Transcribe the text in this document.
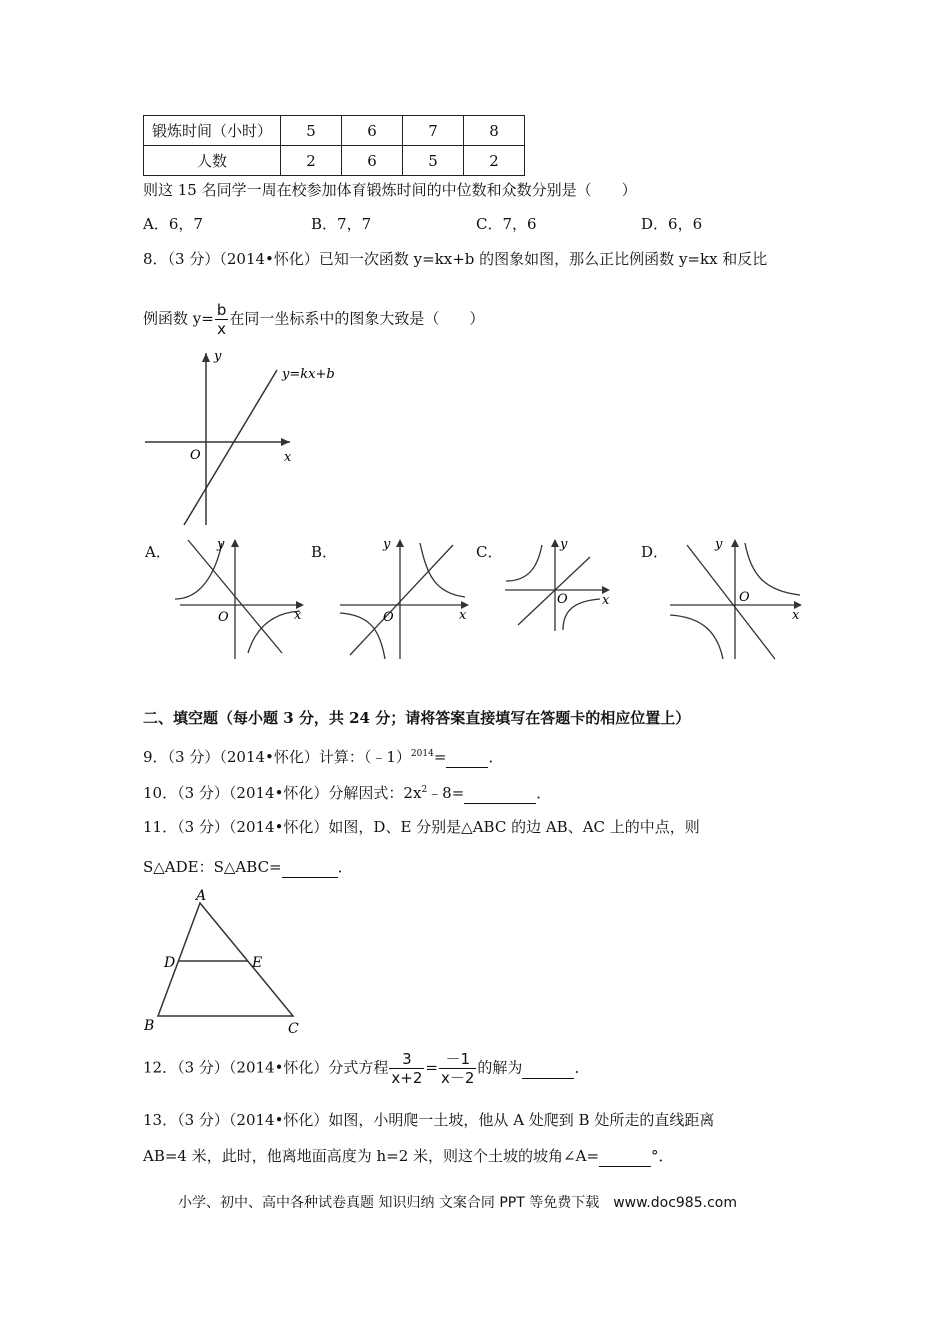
锻炼时间（小时）	5	6	7	8
人数	2	6	5	2
则这 15 名同学一周在校参加体育锻炼时间的中位数和众数分别是（　　）
A．6，7	B．7，7	C．7，6	D．6，6
8．（3 分）（2014•怀化）已知一次函数 y=kx+b 的图象如图，那么正比例函数 y=kx 和反比
例函数 $y= \frac{b}{x}$ 在同一坐标系中的图象大致是（　　）
y
x
O
y=kx+b
A．	B．	C．	D．
O	x
y
O	x
y
O	x
y
O
x
y
二、填空题（每小题 3 分，共 24 分；请将答案直接填写在答题卡的相应位置上）
9．（3 分）（2014•怀化）计算：（﹣1）$^{2014}$=	．
10．（3 分）（2014•怀化）分解因式：$2x^2﹣8=$	．
11．（3 分）（2014•怀化）如图，D、E 分别是△ABC 的边 AB、AC 上的中点，则
S△ADE：S△ABC=	．
A
D	E
B	C
12．（3 分）（2014•怀化）分式方程 $\frac{3}{x+2} = \frac{-1}{x-2}$ 的解为	．
13．（3 分）（2014•怀化）如图，小明爬一土坡，他从 A 处爬到 B 处所走的直线距离
AB=4 米，此时，他离地面高度为 h=2 米，则这个土坡的坡角∠A=	°．
小学、初中、高中各种试卷真题 知识归纳 文案合同 PPT 等免费下载　www.doc985.com
